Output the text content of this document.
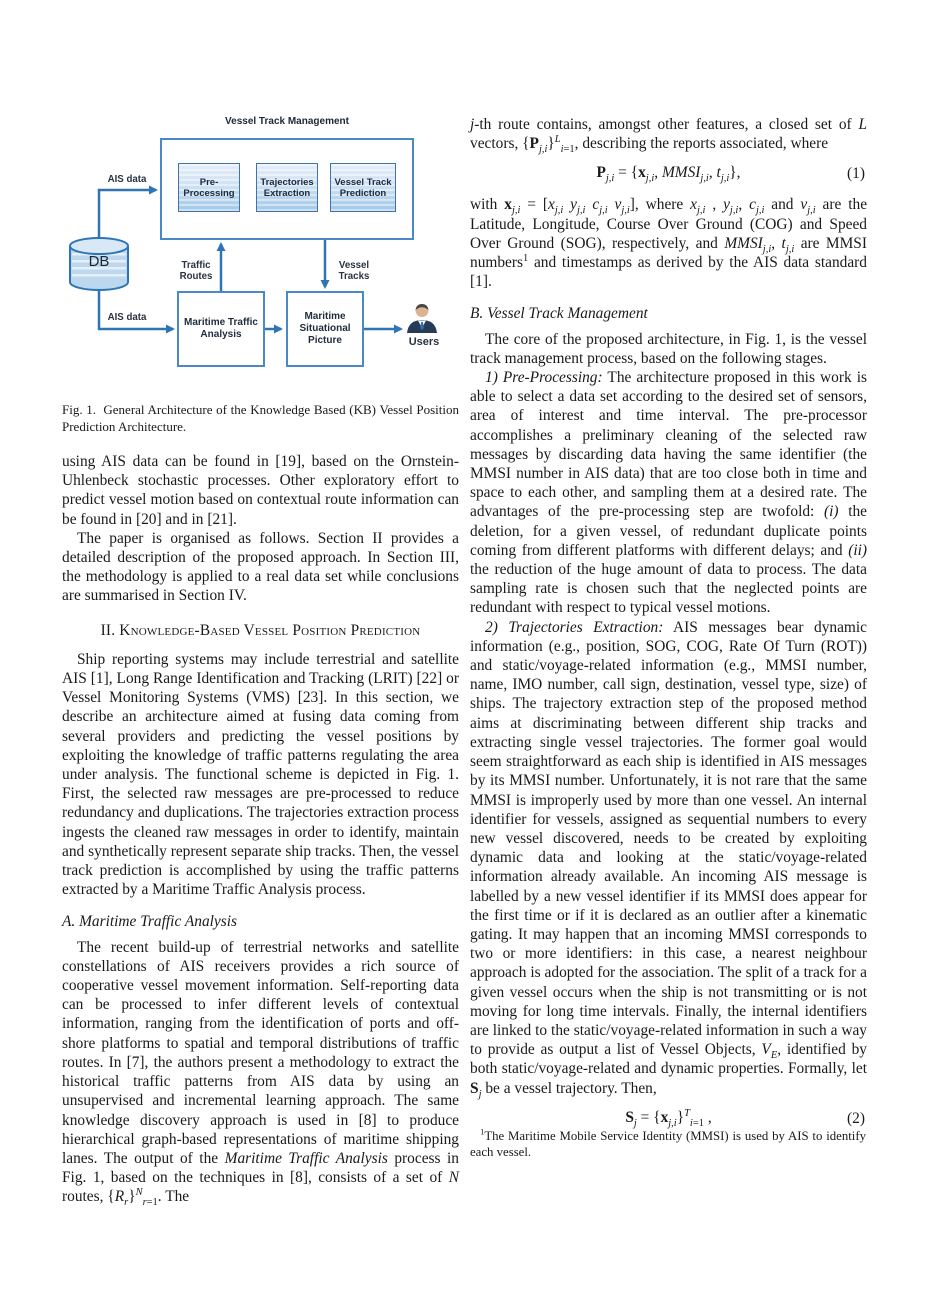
Vessel Track Management
Pre-Processing
Trajectories Extraction
Vessel Track Prediction
Maritime Traffic Analysis
Maritime Situational Picture
AIS data
AIS data
Traffic Routes
Vessel Tracks
DB
Users
Fig. 1.  General Architecture of the Knowledge Based (KB) Vessel Position Prediction Architecture.

using AIS data can be found in [19], based on the Ornstein-Uhlenbeck stochastic processes. Other exploratory effort to predict vessel motion based on contextual route information can be found in [20] and in [21].

The paper is organised as follows. Section II provides a detailed description of the proposed approach. In Section III, the methodology is applied to a real data set while conclusions are summarised in Section IV.

II. Knowledge-Based Vessel Position Prediction

Ship reporting systems may include terrestrial and satellite AIS [1], Long Range Identification and Tracking (LRIT) [22] or Vessel Monitoring Systems (VMS) [23]. In this section, we describe an architecture aimed at fusing data coming from several providers and predicting the vessel positions by exploiting the knowledge of traffic patterns regulating the area under analysis. The functional scheme is depicted in Fig. 1. First, the selected raw messages are pre-processed to reduce redundancy and duplications. The trajectories extraction process ingests the cleaned raw messages in order to identify, maintain and synthetically represent separate ship tracks. Then, the vessel track prediction is accomplished by using the traffic patterns extracted by a Maritime Traffic Analysis process.

A. Maritime Traffic Analysis

The recent build-up of terrestrial networks and satellite constellations of AIS receivers provides a rich source of cooperative vessel movement information. Self-reporting data can be processed to infer different levels of contextual information, ranging from the identification of ports and off-shore platforms to spatial and temporal distributions of traffic routes. In [7], the authors present a methodology to extract the historical traffic patterns from AIS data by using an unsupervised and incremental learning approach. The same knowledge discovery approach is used in [8] to produce hierarchical graph-based representations of maritime shipping lanes. The output of the Maritime Traffic Analysis process in Fig. 1, based on the techniques in [8], consists of a set of N routes, $\{R_r\}^N_{r=1}$. The

j-th route contains, amongst other features, a closed set of L vectors, $\{P_{j,i}\}^L_{i=1}$, describing the reports associated, where

$P_{j,i} = \{x_{j,i}$, $MMSI_{j,i}$, $t_{j,i}$},	(1)

with $x_{j,i} = [x_{j,i}$ $y_{j,i}$ $c_{j,i}$ $v_{j,i}$], where $x_{j,i}$ , $y_{j,i}$, $c_{j,i}$ and $v_{j,i}$ are the Latitude, Longitude, Course Over Ground (COG) and Speed Over Ground (SOG), respectively, and $MMSI_{j,i}$, $t_{j,i}$ are MMSI numbers$^1$ and timestamps as derived by the AIS data standard [1].

B. Vessel Track Management

The core of the proposed architecture, in Fig. 1, is the vessel track management process, based on the following stages.

1) Pre-Processing: The architecture proposed in this work is able to select a data set according to the desired set of sensors, area of interest and time interval. The pre-processor accomplishes a preliminary cleaning of the selected raw messages by discarding data having the same identifier (the MMSI number in AIS data) that are too close both in time and space to each other, and sampling them at a desired rate. The advantages of the pre-processing step are twofold: (i) the deletion, for a given vessel, of redundant duplicate points coming from different platforms with different delays; and (ii) the reduction of the huge amount of data to process. The data sampling rate is chosen such that the neglected points are redundant with respect to typical vessel motions.

2) Trajectories Extraction: AIS messages bear dynamic information (e.g., position, SOG, COG, Rate Of Turn (ROT)) and static/voyage-related information (e.g., MMSI number, name, IMO number, call sign, destination, vessel type, size) of ships. The trajectory extraction step of the proposed method aims at discriminating between different ship tracks and extracting single vessel trajectories. The former goal would seem straightforward as each ship is identified in AIS messages by its MMSI number. Unfortunately, it is not rare that the same MMSI is improperly used by more than one vessel. An internal identifier for vessels, assigned as sequential numbers to every new vessel discovered, needs to be created by exploiting dynamic data and looking at the static/voyage-related information already available. An incoming AIS message is labelled by a new vessel identifier if its MMSI does appear for the first time or if it is declared as an outlier after a kinematic gating. It may happen that an incoming MMSI corresponds to two or more identifiers: in this case, a nearest neighbour approach is adopted for the association. The split of a track for a given vessel occurs when the ship is not transmitting or is not moving for long time intervals. Finally, the internal identifiers are linked to the static/voyage-related information in such a way to provide as output a list of Vessel Objects, $V_E$, identified by both static/voyage-related and dynamic properties. Formally, let $S_j$ be a vessel trajectory. Then,

$S_j = \{x_{j,i}\}^T_{i=1}$ ,	(2)
$^1$The Maritime Mobile Service Identity (MMSI) is used by AIS to identify each vessel.
